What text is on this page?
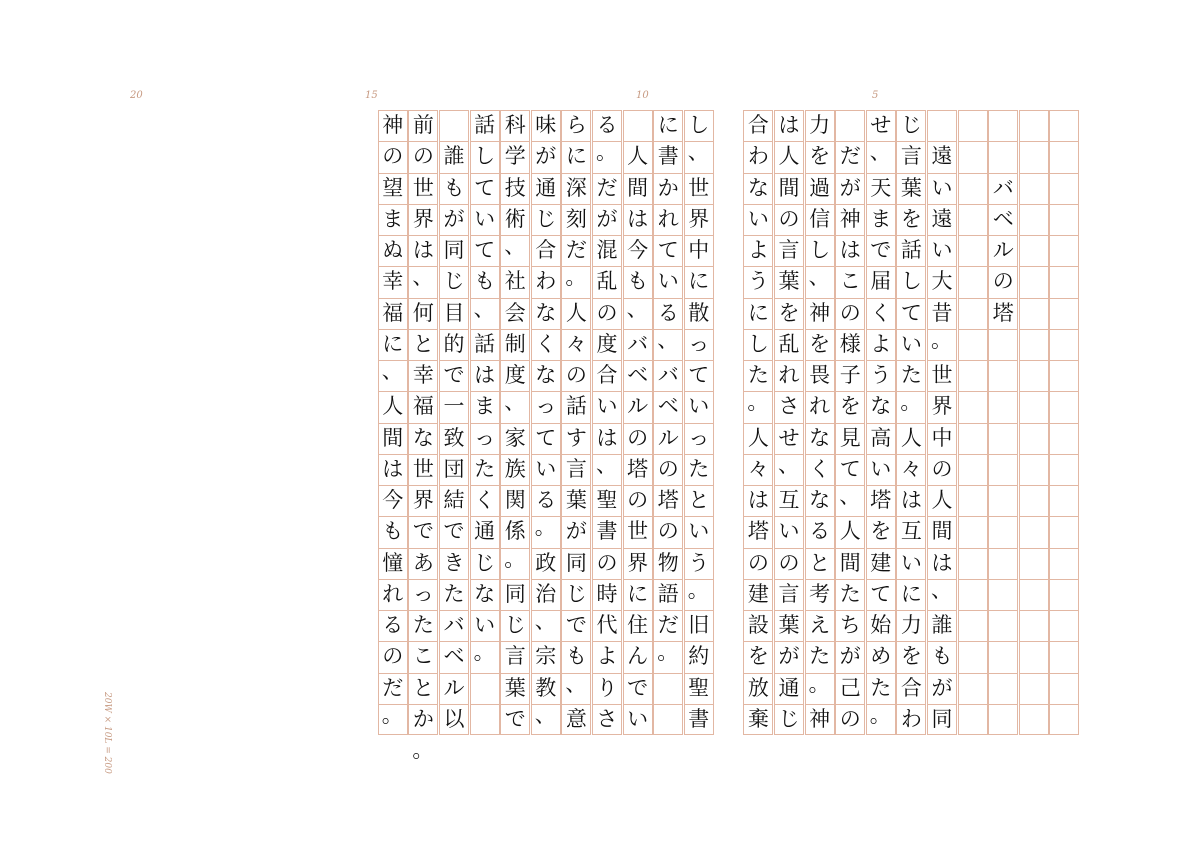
バ
ベ
ル
の
塔
遠
い
遠
い
大
昔
。
世
界
中
の
人
間
は
、
誰
も
が
同
じ
言
葉
を
話
し
て
い
た
。
人
々
は
互
い
に
力
を
合
わ
せ
、
天
ま
で
届
く
よ
う
な
高
い
塔
を
建
て
始
め
た
。
だ
が
神
は
こ
の
様
子
を
見
て
、
人
間
た
ち
が
己
の
力
を
過
信
し
、
神
を
畏
れ
な
く
な
る
と
考
え
た
。
神
は
人
間
の
言
葉
を
乱
れ
さ
せ
、
互
い
の
言
葉
が
通
じ
合
わ
な
い
よ
う
に
し
た
。
人
々
は
塔
の
建
設
を
放
棄
し
、
世
界
中
に
散
っ
て
い
っ
た
と
い
う
。
旧
約
聖
書
に
書
か
れ
て
い
る
、
バ
ベ
ル
の
塔
の
物
語
だ
。
人
間
は
今
も
、
バ
ベ
ル
の
塔
の
世
界
に
住
ん
で
い
る
。
だ
が
混
乱
の
度
合
い
は
、
聖
書
の
時
代
よ
り
さ
ら
に
深
刻
だ
。
人
々
の
話
す
言
葉
が
同
じ
で
も
、
意
味
が
通
じ
合
わ
な
く
な
っ
て
い
る
。
政
治
、
宗
教
、
科
学
技
術
、
社
会
制
度
、
家
族
関
係
。
同
じ
言
葉
で
話
し
て
い
て
も
、
話
は
ま
っ
た
く
通
じ
な
い
。
誰
も
が
同
じ
目
的
で
一
致
団
結
で
き
た
バ
ベ
ル
以
前
の
世
界
は
、
何
と
幸
福
な
世
界
で
あ
っ
た
こ
と
か
。
神
の
望
ま
ぬ
幸
福
に
、
人
間
は
今
も
憧
れ
る
の
だ
。
5
10
15
20
20W × 10L = 200
